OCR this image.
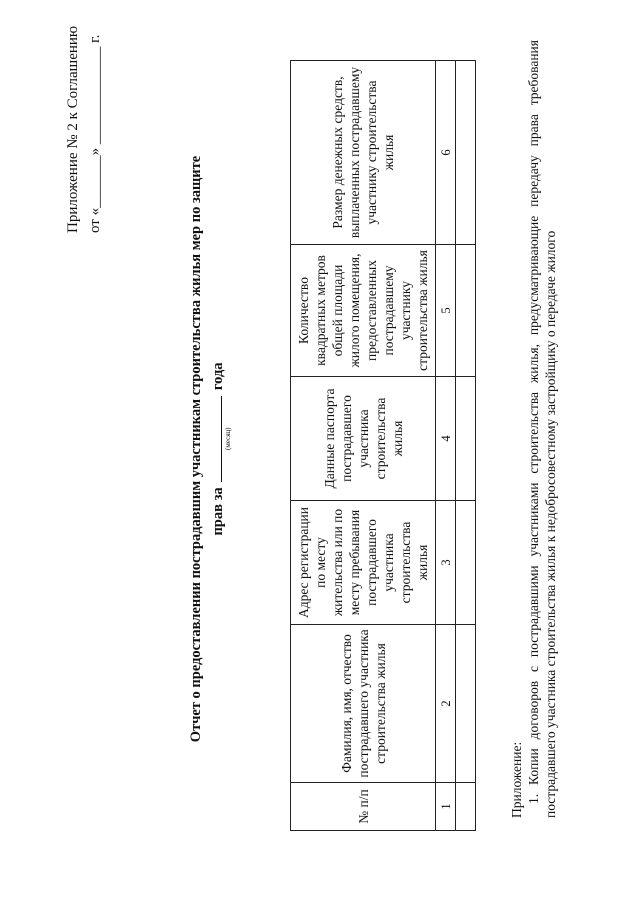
Приложение № 2 к Соглашению от «_______» _____________ г.
Отчет о предоставлении пострадавшим участникам строительства жилья мер по защите прав за
(месяц)
года
№ п/п	Фамилия, имя, отчество пострадавшего участника строительства жилья	Адрес регистрации по месту жительства или по месту пребывания пострадавшего участника строительства жилья	Данные паспорта пострадавшего участника строительства жилья	Количество квадратных метров общей площади жилого помещения, предоставленных пострадавшему участнику строительства жилья	Размер денежных средств, выплаченных пострадавшему участнику строительства жилья
1	2	3	4	5	6

Приложение: 1. Копии договоров с пострадавшими участниками строительства жилья, предусматривающие передачу права требования пострадавшего участника строительства жилья к недобросовестному застройщику о передаче жилого
